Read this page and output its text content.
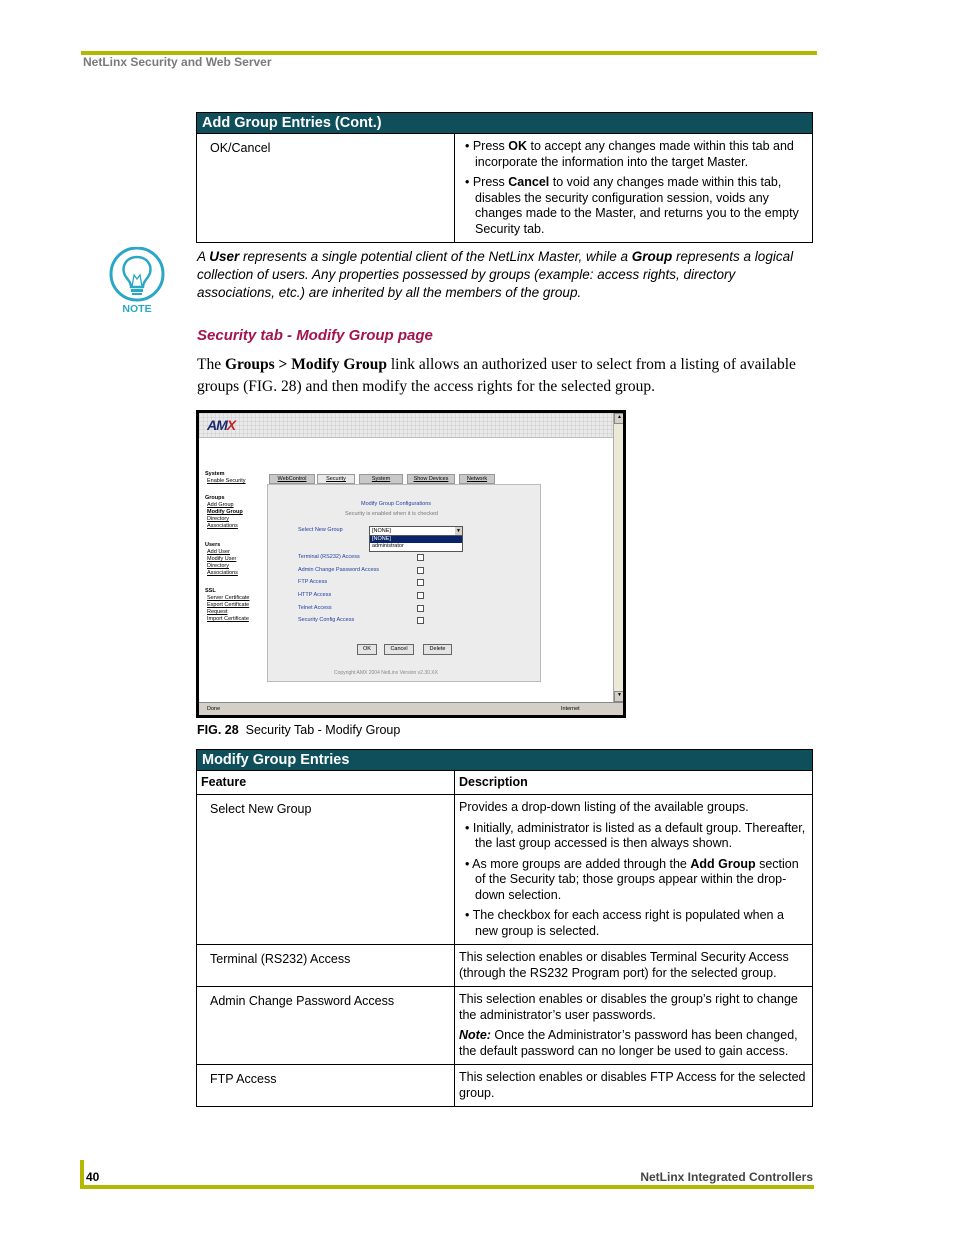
NetLinx Security and Web Server
Add Group Entries (Cont.)
OK/Cancel	• Press OK to accept any changes made within this tab and incorporate the information into the target Master.

• Press Cancel to void any changes made within this tab, disables the security configuration session, voids any changes made to the Master, and returns you to the empty Security tab.

NOTE
A User represents a single potential client of the NetLinx Master, while a Group represents a logical collection of users. Any properties possessed by groups (example: access rights, directory associations, etc.) are inherited by all the members of the group.
Security tab - Modify Group page
The Groups > Modify Group link allows an authorized user to select from a listing of available groups (FIG. 28) and then modify the access rights for the selected group.
AMX
System
Enable Security
Groups
Add Group
Modify Group
Directory
Associations
Users
Add User
Modify User
Directory
Associations
SSL
Server Certificate
Export Certificate
Request
Import Certificate
WebControl	Security	System	Show Devices	Network
Modify Group Configurations
Security is enabled when it is checked
Select New Group	[NONE]	▼
[NONE]
administrator
Terminal (RS232) Access
Admin Change Password Access
FTP Access
HTTP Access
Telnet Access
Security Config Access
OK	Cancel	Delete
Copyright AMX 2004 NetLinx Version v2.30.XX
▲
▼
Done	Internet
FIG. 28 Security Tab - Modify Group
Modify Group Entries	
Feature	Description
Select New Group	Provides a drop-down listing of the available groups.

• Initially, administrator is listed as a default group. Thereafter, the last group accessed is then always shown.

• As more groups are added through the Add Group section of the Security tab; those groups appear within the drop-down selection.

• The checkbox for each access right is populated when a new group is selected.

Terminal (RS232) Access	This selection enables or disables Terminal Security Access (through the RS232 Program port) for the selected group.

Admin Change Password Access	This selection enables or disables the group’s right to change the administrator’s user passwords.

Note: Once the Administrator’s password has been changed, the default password can no longer be used to gain access.

FTP Access	This selection enables or disables FTP Access for the selected group.

40	NetLinx Integrated Controllers
